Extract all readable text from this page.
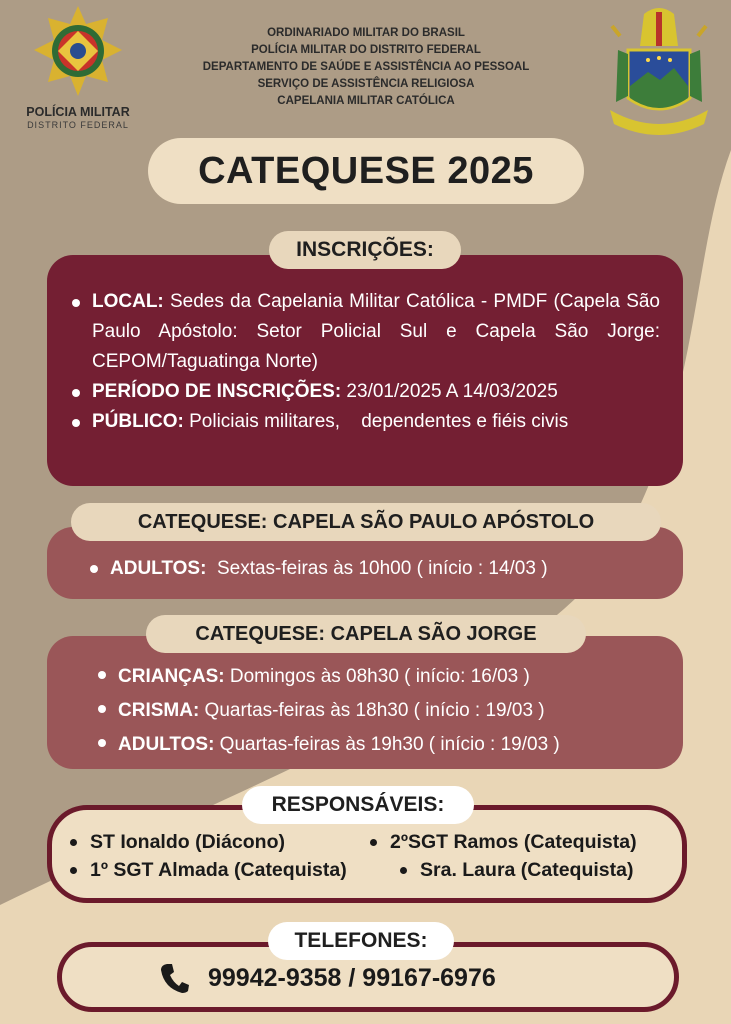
POLÍCIA MILITAR
DISTRITO FEDERAL
ORDINARIADO MILITAR DO BRASIL
POLÍCIA MILITAR DO DISTRITO FEDERAL
DEPARTAMENTO DE SAÚDE E ASSISTÊNCIA AO PESSOAL
SERVIÇO DE ASSISTÊNCIA RELIGIOSA
CAPELANIA MILITAR CATÓLICA
CATEQUESE 2025
INSCRIÇÕES:
LOCAL: Sedes da Capelania Militar Católica - PMDF (Capela São Paulo Apóstolo: Setor Policial Sul e Capela São Jorge: CEPOM/Taguatinga Norte)
PERÍODO DE INSCRIÇÕES: 23/01/2025 A 14/03/2025
PÚBLICO: Policiais militares,    dependentes e fiéis civis
CATEQUESE: CAPELA SÃO PAULO APÓSTOLO
ADULTOS:  Sextas-feiras às 10h00 ( início : 14/03 )
CATEQUESE: CAPELA SÃO JORGE
CRIANÇAS: Domingos às 08h30 ( início: 16/03 )
CRISMA: Quartas-feiras às 18h30 ( início : 19/03 )
ADULTOS: Quartas-feiras às 19h30 ( início : 19/03 )
RESPONSÁVEIS:
ST Ionaldo (Diácono)	2ºSGT Ramos (Catequista)
1º SGT Almada (Catequista)	Sra. Laura (Catequista)
TELEFONES:
99942-9358 / 99167-6976
